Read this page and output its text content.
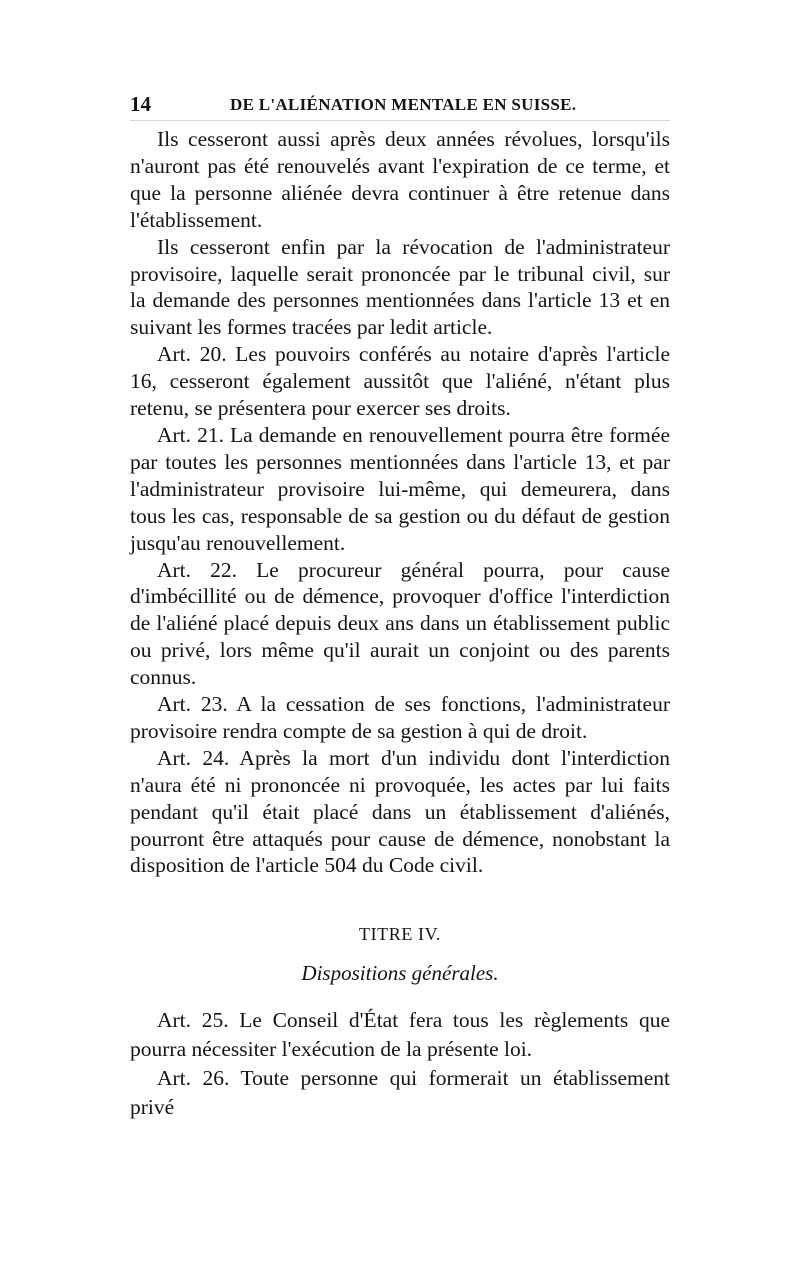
14	DE L'ALIÉNATION MENTALE EN SUISSE.

Ils cesseront aussi après deux années révolues, lorsqu'ils n'auront pas été renouvelés avant l'expiration de ce terme, et que la personne aliénée devra continuer à être retenue dans l'établissement.

Ils cesseront enfin par la révocation de l'administrateur provisoire, laquelle serait prononcée par le tribunal civil, sur la demande des personnes mentionnées dans l'article 13 et en suivant les formes tracées par ledit article.

Art. 20. Les pouvoirs conférés au notaire d'après l'article 16, cesseront également aussitôt que l'aliéné, n'étant plus retenu, se présentera pour exercer ses droits.

Art. 21. La demande en renouvellement pourra être formée par toutes les personnes mentionnées dans l'article 13, et par l'administrateur provisoire lui-même, qui demeurera, dans tous les cas, responsable de sa gestion ou du défaut de gestion jusqu'au renouvellement.

Art. 22. Le procureur général pourra, pour cause d'imbécillité ou de démence, provoquer d'office l'interdiction de l'aliéné placé depuis deux ans dans un établissement public ou privé, lors même qu'il aurait un conjoint ou des parents connus.

Art. 23. A la cessation de ses fonctions, l'administrateur provisoire rendra compte de sa gestion à qui de droit.

Art. 24. Après la mort d'un individu dont l'interdiction n'aura été ni prononcée ni provoquée, les actes par lui faits pendant qu'il était placé dans un établissement d'aliénés, pourront être attaqués pour cause de démence, nonobstant la disposition de l'article 504 du Code civil.

TITRE IV.
Dispositions générales.

Art. 25. Le Conseil d'État fera tous les règlements que pourra nécessiter l'exécution de la présente loi.

Art. 26. Toute personne qui formerait un établissement privé
